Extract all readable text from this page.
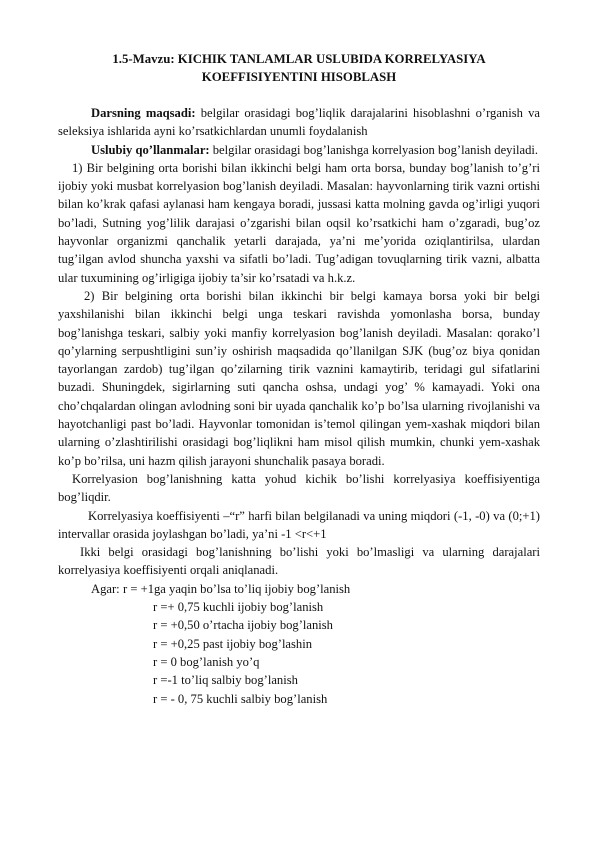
1.5-Mavzu: KICHIK TANLAMLAR USLUBIDA KORRELYASIYA
KOEFFISIYENTINI HISOBLASH

Darsning maqsadi: belgilar orasidagi bog’liqlik darajalarini hisoblashni o’rganish va seleksiya ishlarida ayni ko’rsatkichlardan unumli foydalanish

Uslubiy qo’llanmalar: belgilar orasidagi bog’lanishga korrelyasion bog’lanish deyiladi.

1) Bir belgining orta borishi bilan ikkinchi belgi ham orta borsa, bunday bog’lanish to’g’ri ijobiy yoki musbat korrelyasion bog’lanish deyiladi. Masalan: hayvonlarning tirik vazni ortishi bilan ko’krak qafasi aylanasi ham kengaya boradi, jussasi katta molning gavda og’irligi yuqori bo’ladi, Sutning yog’lilik darajasi o’zgarishi bilan oqsil ko’rsatkichi ham o’zgaradi, bug’oz hayvonlar organizmi qanchalik yetarli darajada, ya’ni me’yorida oziqlantirilsa, ulardan tug’ilgan avlod shuncha yaxshi va sifatli bo’ladi. Tug’adigan tovuqlarning tirik vazni, albatta ular tuxumining og’irligiga ijobiy ta’sir ko’rsatadi va h.k.z.

2) Bir belgining orta borishi bilan ikkinchi bir belgi kamaya borsa yoki bir belgi yaxshilanishi bilan ikkinchi belgi unga teskari ravishda yomonlasha borsa, bunday bog’lanishga teskari, salbiy yoki manfiy korrelyasion bog’lanish deyiladi. Masalan: qorako’l qo’ylarning serpushtligini sun’iy oshirish maqsadida qo’llanilgan SJK (bug’oz biya qonidan tayorlangan zardob) tug’ilgan qo’zilarning tirik vaznini kamaytirib, teridagi gul sifatlarini buzadi. Shuningdek, sigirlarning suti qancha oshsa, undagi yog’ % kamayadi. Yoki ona cho’chqalardan olingan avlodning soni bir uyada qanchalik ko’p bo’lsa ularning rivojlanishi va hayotchanligi past bo’ladi. Hayvonlar tomonidan is’temol qilingan yem-xashak miqdori bilan ularning o’zlashtirilishi orasidagi bog’liqlikni ham misol qilish mumkin, chunki yem-xashak ko’p bo’rilsa, uni hazm qilish jarayoni shunchalik pasaya boradi.

Korrelyasion bog’lanishning katta yohud kichik bo’lishi korrelyasiya koeffisiyentiga bog’liqdir.

Korrelyasiya koeffisiyenti –“r” harfi bilan belgilanadi va uning miqdori (-1, -0) va (0;+1) intervallar orasida joylashgan bo’ladi, ya’ni -1 <r<+1

Ikki belgi orasidagi bog’lanishning bo’lishi yoki bo’lmasligi va ularning darajalari korrelyasiya koeffisiyenti orqali aniqlanadi.

Agar: r = +1ga yaqin bo’lsa to’liq ijobiy bog’lanish
r =+ 0,75 kuchli ijobiy bog’lanish
r = +0,50 o’rtacha ijobiy bog’lanish
r = +0,25 past ijobiy bog’lashin
r = 0 bog’lanish yo’q
r =-1 to’liq salbiy bog’lanish
r = - 0, 75 kuchli salbiy bog’lanish
